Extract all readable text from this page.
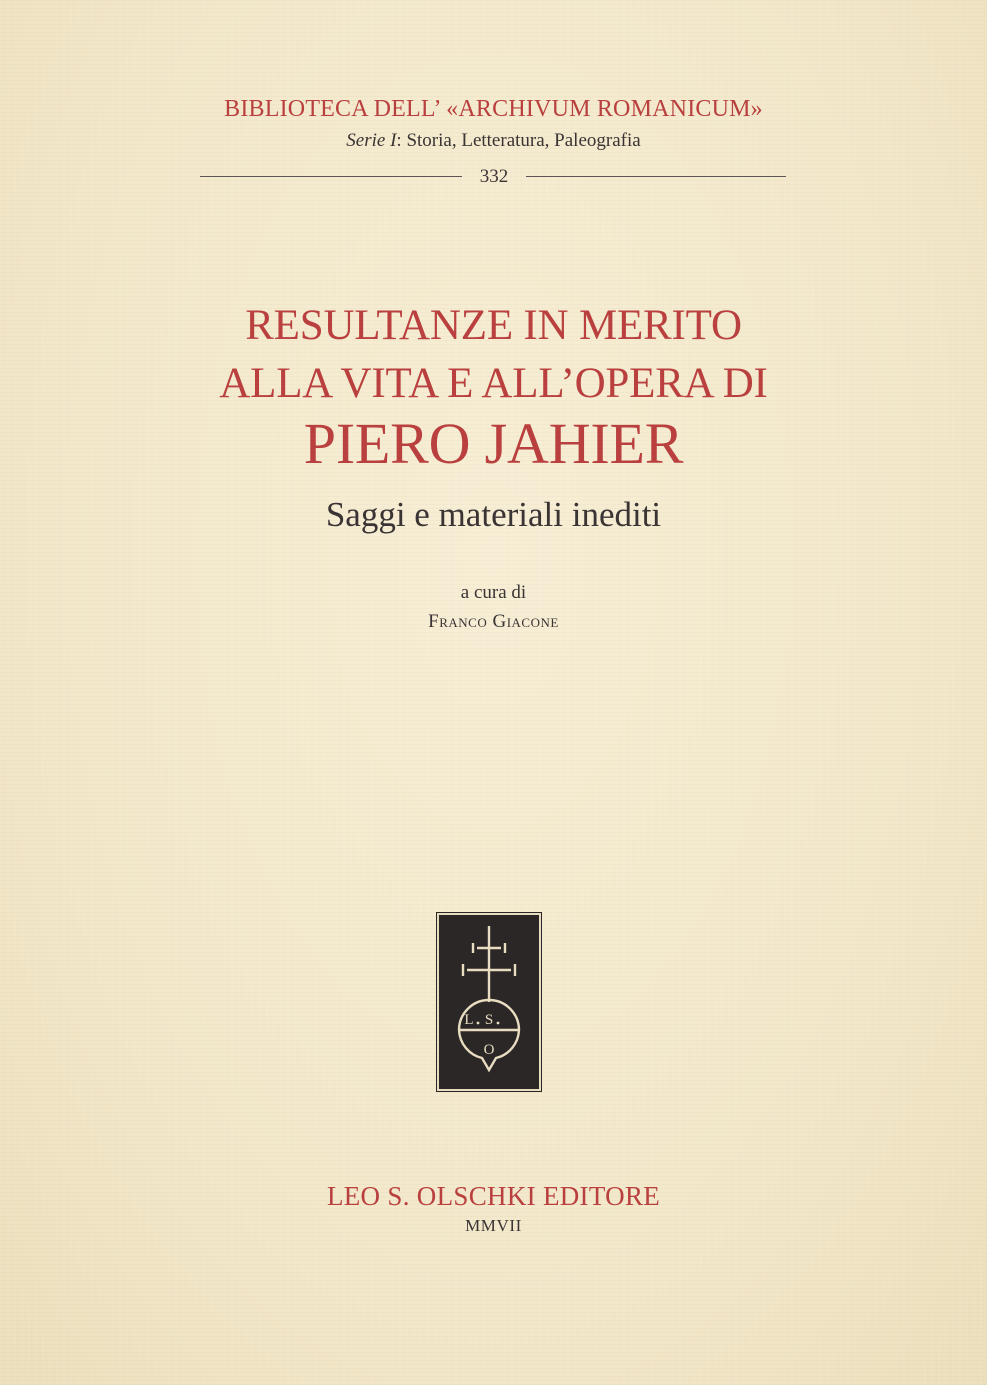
BIBLIOTECA DELL’ «ARCHIVUM ROMANICUM»
Serie I: Storia, Letteratura, Paleografia
332
RESULTANZE IN MERITO
ALLA VITA E ALL’OPERA DI
PIERO JAHIER
Saggi e materiali inediti
a cura di
Franco Giacone
L S
O
LEO S. OLSCHKI EDITORE
MMVII
